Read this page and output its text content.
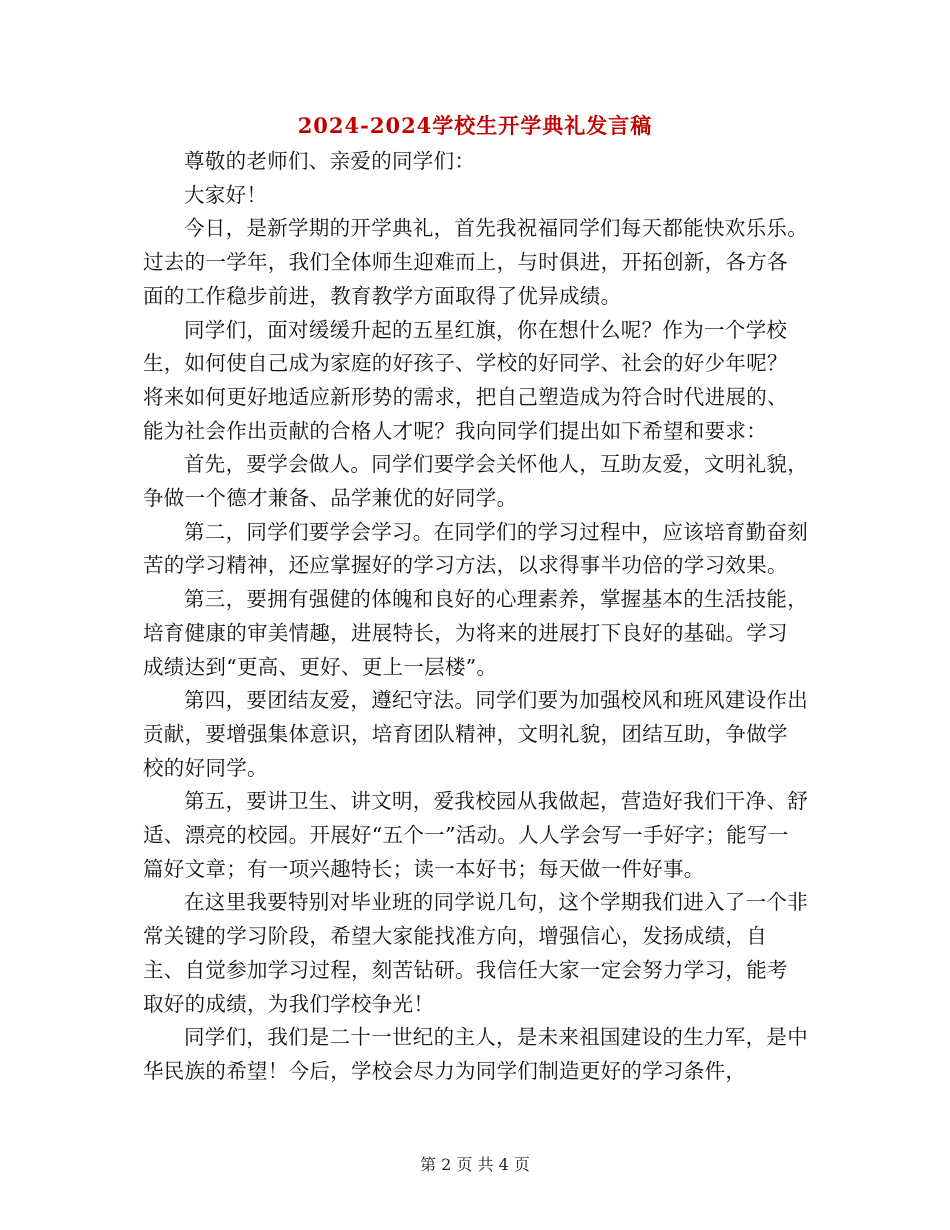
2024-2024学校生开学典礼发言稿

尊敬的老师们、亲爱的同学们：

大家好！

今日，是新学期的开学典礼，首先我祝福同学们每天都能快欢乐乐。过去的一学年，我们全体师生迎难而上，与时俱进，开拓创新，各方各面的工作稳步前进，教育教学方面取得了优异成绩。

同学们，面对缓缓升起的五星红旗，你在想什么呢？作为一个学校生，如何使自己成为家庭的好孩子、学校的好同学、社会的好少年呢？将来如何更好地适应新形势的需求，把自己塑造成为符合时代进展的、能为社会作出贡献的合格人才呢？我向同学们提出如下希望和要求：

首先，要学会做人。同学们要学会关怀他人，互助友爱，文明礼貌，争做一个德才兼备、品学兼优的好同学。

第二，同学们要学会学习。在同学们的学习过程中，应该培育勤奋刻苦的学习精神，还应掌握好的学习方法，以求得事半功倍的学习效果。

第三，要拥有强健的体魄和良好的心理素养，掌握基本的生活技能，培育健康的审美情趣，进展特长，为将来的进展打下良好的基础。学习成绩达到“更高、更好、更上一层楼”。

第四，要团结友爱，遵纪守法。同学们要为加强校风和班风建设作出贡献，要增强集体意识，培育团队精神，文明礼貌，团结互助，争做学校的好同学。

第五，要讲卫生、讲文明，爱我校园从我做起，营造好我们干净、舒适、漂亮的校园。开展好“五个一”活动。人人学会写一手好字；能写一篇好文章；有一项兴趣特长；读一本好书；每天做一件好事。

在这里我要特别对毕业班的同学说几句，这个学期我们进入了一个非常关键的学习阶段，希望大家能找准方向，增强信心，发扬成绩，自主、自觉参加学习过程，刻苦钻研。我信任大家一定会努力学习，能考取好的成绩，为我们学校争光！

同学们，我们是二十一世纪的主人，是未来祖国建设的生力军，是中华民族的希望！今后，学校会尽力为同学们制造更好的学习条件，

第 2 页 共 4 页
